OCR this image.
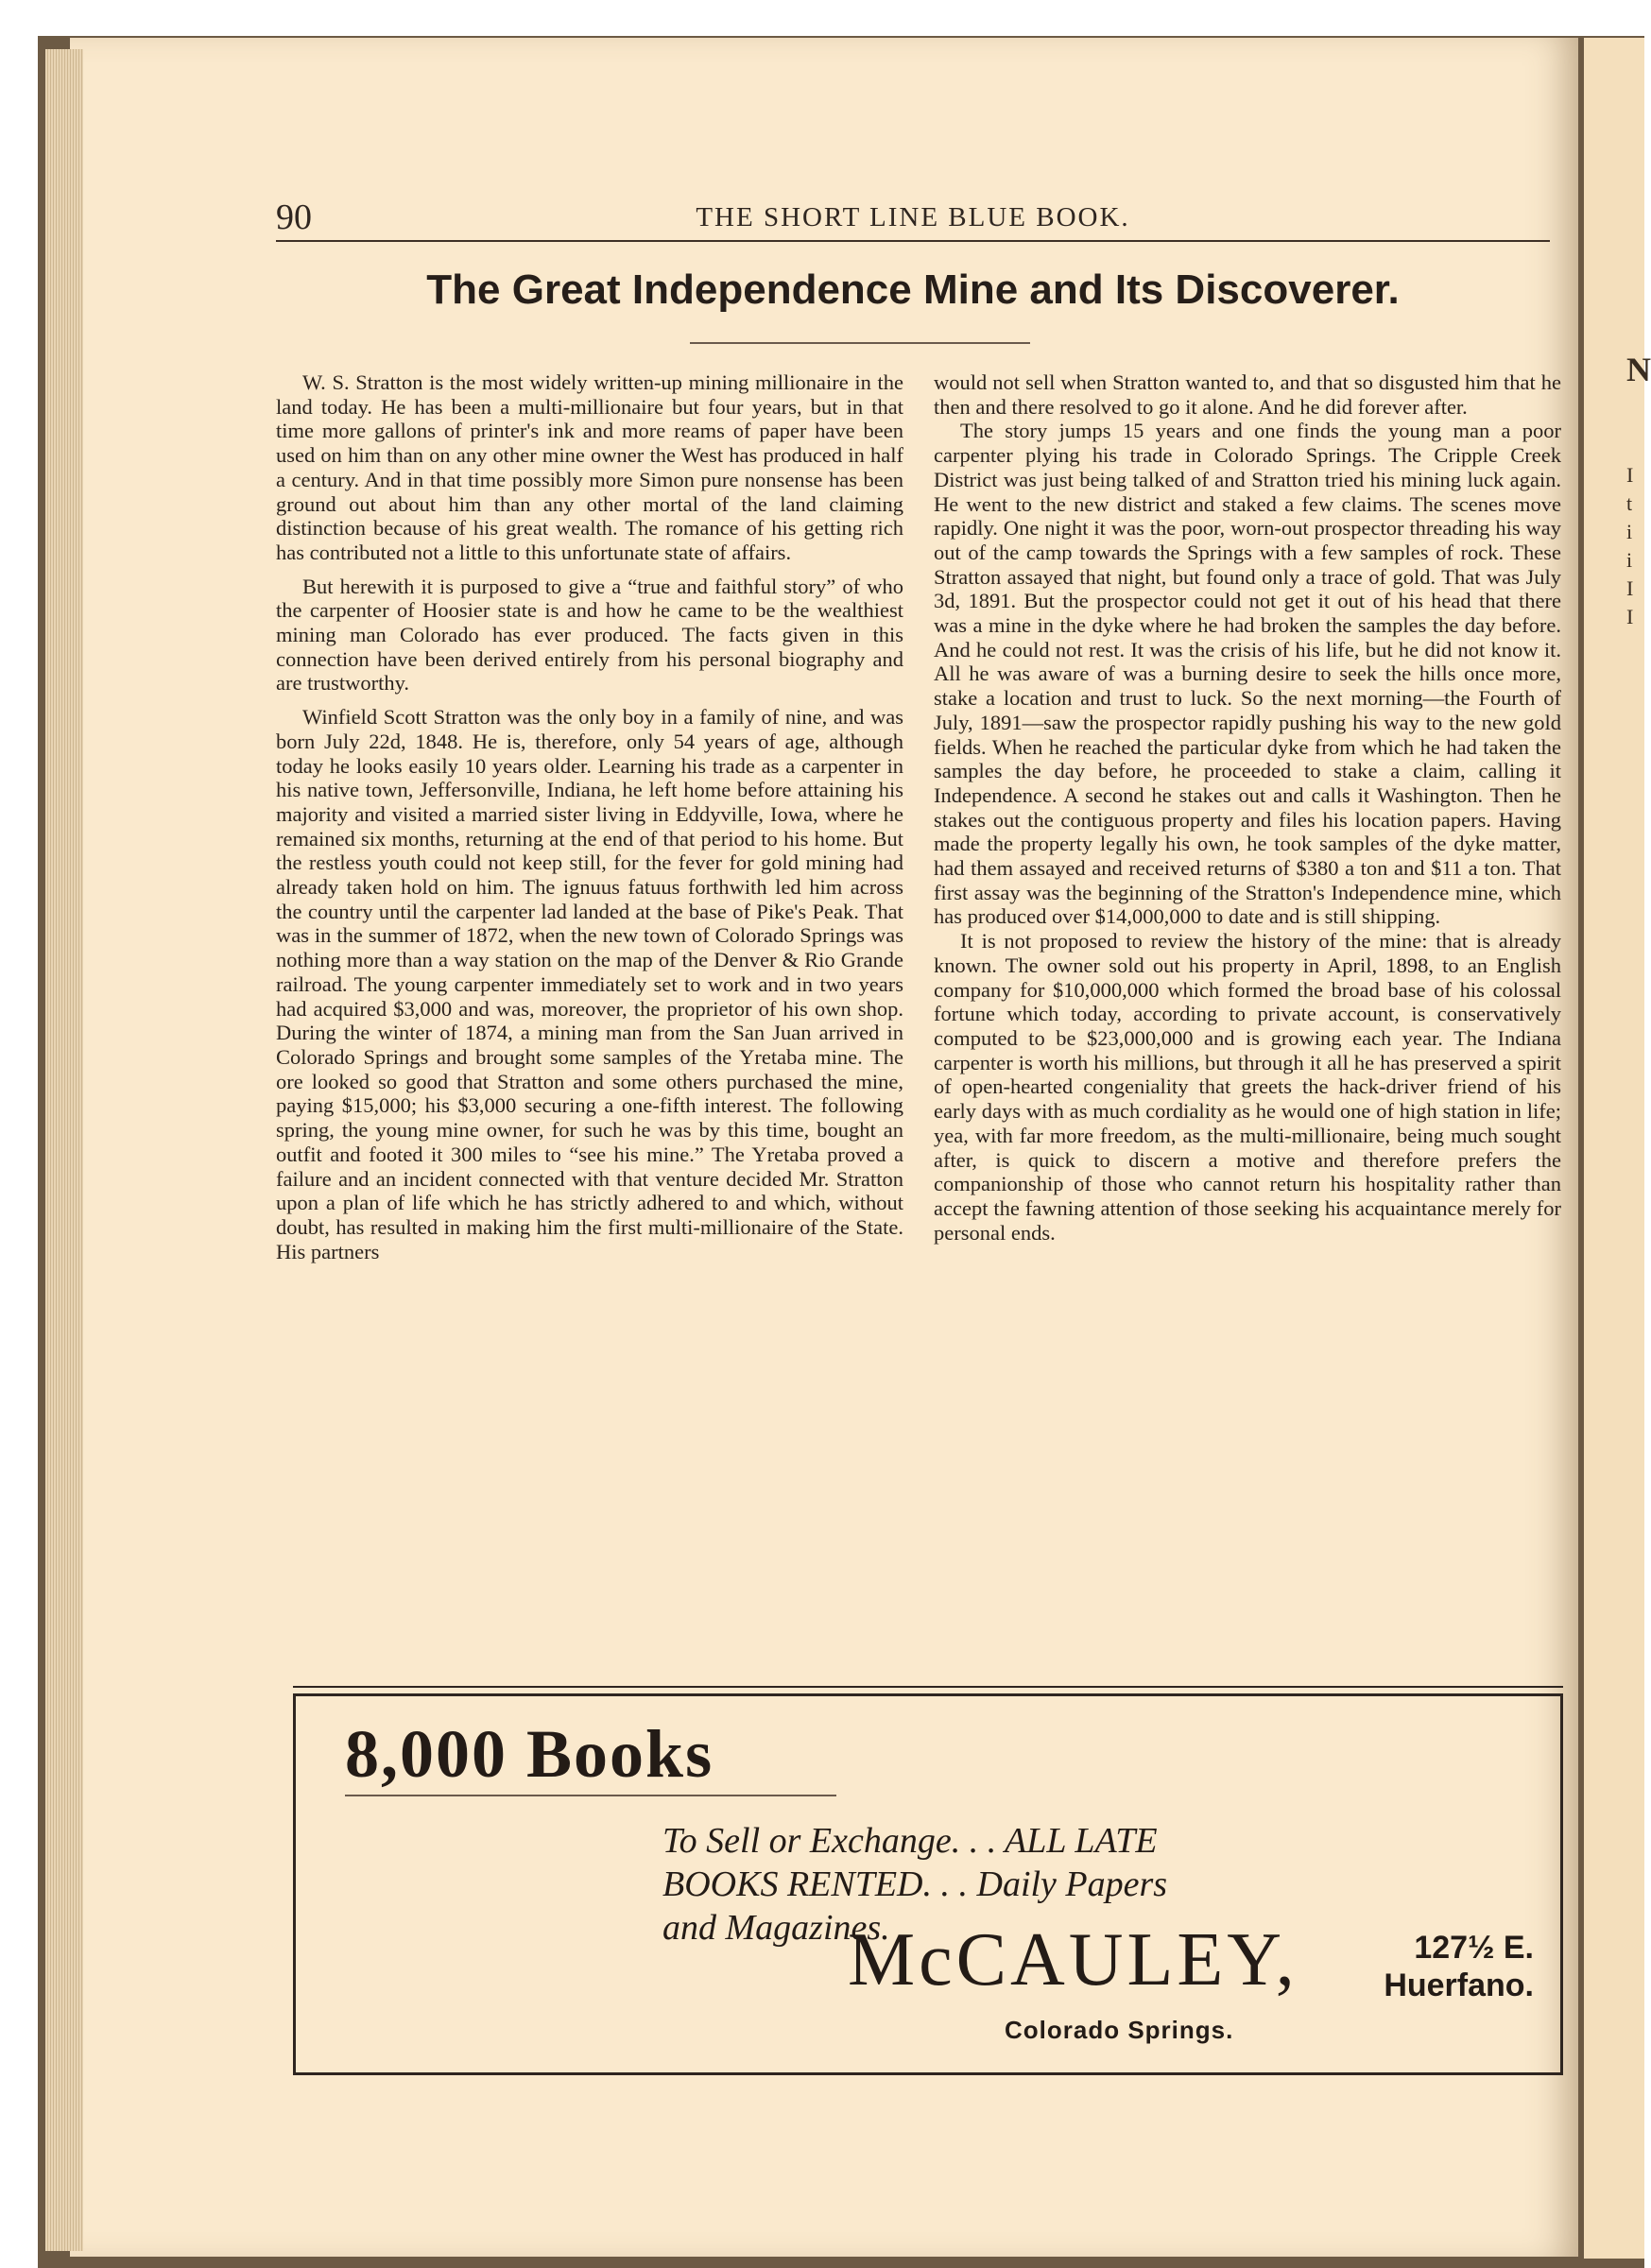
N
I
t
i
i
I
I
90	THE SHORT LINE BLUE BOOK.
The Great Independence Mine and Its Discoverer.

W. S. Stratton is the most widely written-up mining millionaire in the land today. He has been a multi-millionaire but four years, but in that time more gallons of printer's ink and more reams of paper have been used on him than on any other mine owner the West has produced in half a century. And in that time possibly more Simon pure nonsense has been ground out about him than any other mortal of the land claiming distinction because of his great wealth. The romance of his getting rich has contributed not a little to this unfortunate state of affairs.

But herewith it is purposed to give a “true and faithful story” of who the carpenter of Hoosier state is and how he came to be the wealthiest mining man Colorado has ever produced. The facts given in this connection have been derived entirely from his personal biography and are trustworthy.

Winfield Scott Stratton was the only boy in a family of nine, and was born July 22d, 1848. He is, therefore, only 54 years of age, although today he looks easily 10 years older. Learning his trade as a carpenter in his native town, Jeffersonville, Indiana, he left home before attaining his majority and visited a married sister living in Eddyville, Iowa, where he remained six months, returning at the end of that period to his home. But the restless youth could not keep still, for the fever for gold mining had already taken hold on him. The ignuus fatuus forthwith led him across the country until the carpenter lad landed at the base of Pike's Peak. That was in the summer of 1872, when the new town of Colorado Springs was nothing more than a way station on the map of the Denver & Rio Grande railroad. The young carpenter immediately set to work and in two years had acquired $3,000 and was, moreover, the proprietor of his own shop. During the winter of 1874, a mining man from the San Juan arrived in Colorado Springs and brought some samples of the Yretaba mine. The ore looked so good that Stratton and some others purchased the mine, paying $15,000; his $3,000 securing a one-fifth interest. The following spring, the young mine owner, for such he was by this time, bought an outfit and footed it 300 miles to “see his mine.” The Yretaba proved a failure and an incident connected with that venture decided Mr. Stratton upon a plan of life which he has strictly adhered to and which, without doubt, has resulted in making him the first multi-millionaire of the State. His partners

would not sell when Stratton wanted to, and that so disgusted him that he then and there resolved to go it alone. And he did forever after.

The story jumps 15 years and one finds the young man a poor carpenter plying his trade in Colorado Springs. The Cripple Creek District was just being talked of and Stratton tried his mining luck again. He went to the new district and staked a few claims. The scenes move rapidly. One night it was the poor, worn-out prospector threading his way out of the camp towards the Springs with a few samples of rock. These Stratton assayed that night, but found only a trace of gold. That was July 3d, 1891. But the prospector could not get it out of his head that there was a mine in the dyke where he had broken the samples the day before. And he could not rest. It was the crisis of his life, but he did not know it. All he was aware of was a burning desire to seek the hills once more, stake a location and trust to luck. So the next morning—the Fourth of July, 1891—saw the prospector rapidly pushing his way to the new gold fields. When he reached the particular dyke from which he had taken the samples the day before, he proceeded to stake a claim, calling it Independence. A second he stakes out and calls it Washington. Then he stakes out the contiguous property and files his location papers. Having made the property legally his own, he took samples of the dyke matter, had them assayed and received returns of $380 a ton and $11 a ton. That first assay was the beginning of the Stratton's Independence mine, which has produced over $14,000,000 to date and is still shipping.

It is not proposed to review the history of the mine: that is already known. The owner sold out his property in April, 1898, to an English company for $10,000,000 which formed the broad base of his colossal fortune which today, according to private account, is conservatively computed to be $23,000,000 and is growing each year. The Indiana carpenter is worth his millions, but through it all he has preserved a spirit of open-hearted congeniality that greets the hack-driver friend of his early days with as much cordiality as he would one of high station in life; yea, with far more freedom, as the multi-millionaire, being much sought after, is quick to discern a motive and therefore prefers the companionship of those who cannot return his hospitality rather than accept the fawning attention of those seeking his acquaintance merely for personal ends.

8,000 Books
To Sell or Exchange. . . ALL LATE
BOOKS RENTED. . . Daily Papers
and Magazines.
McCAULEY,	127½ E.
Huerfano.
Colorado Springs.
